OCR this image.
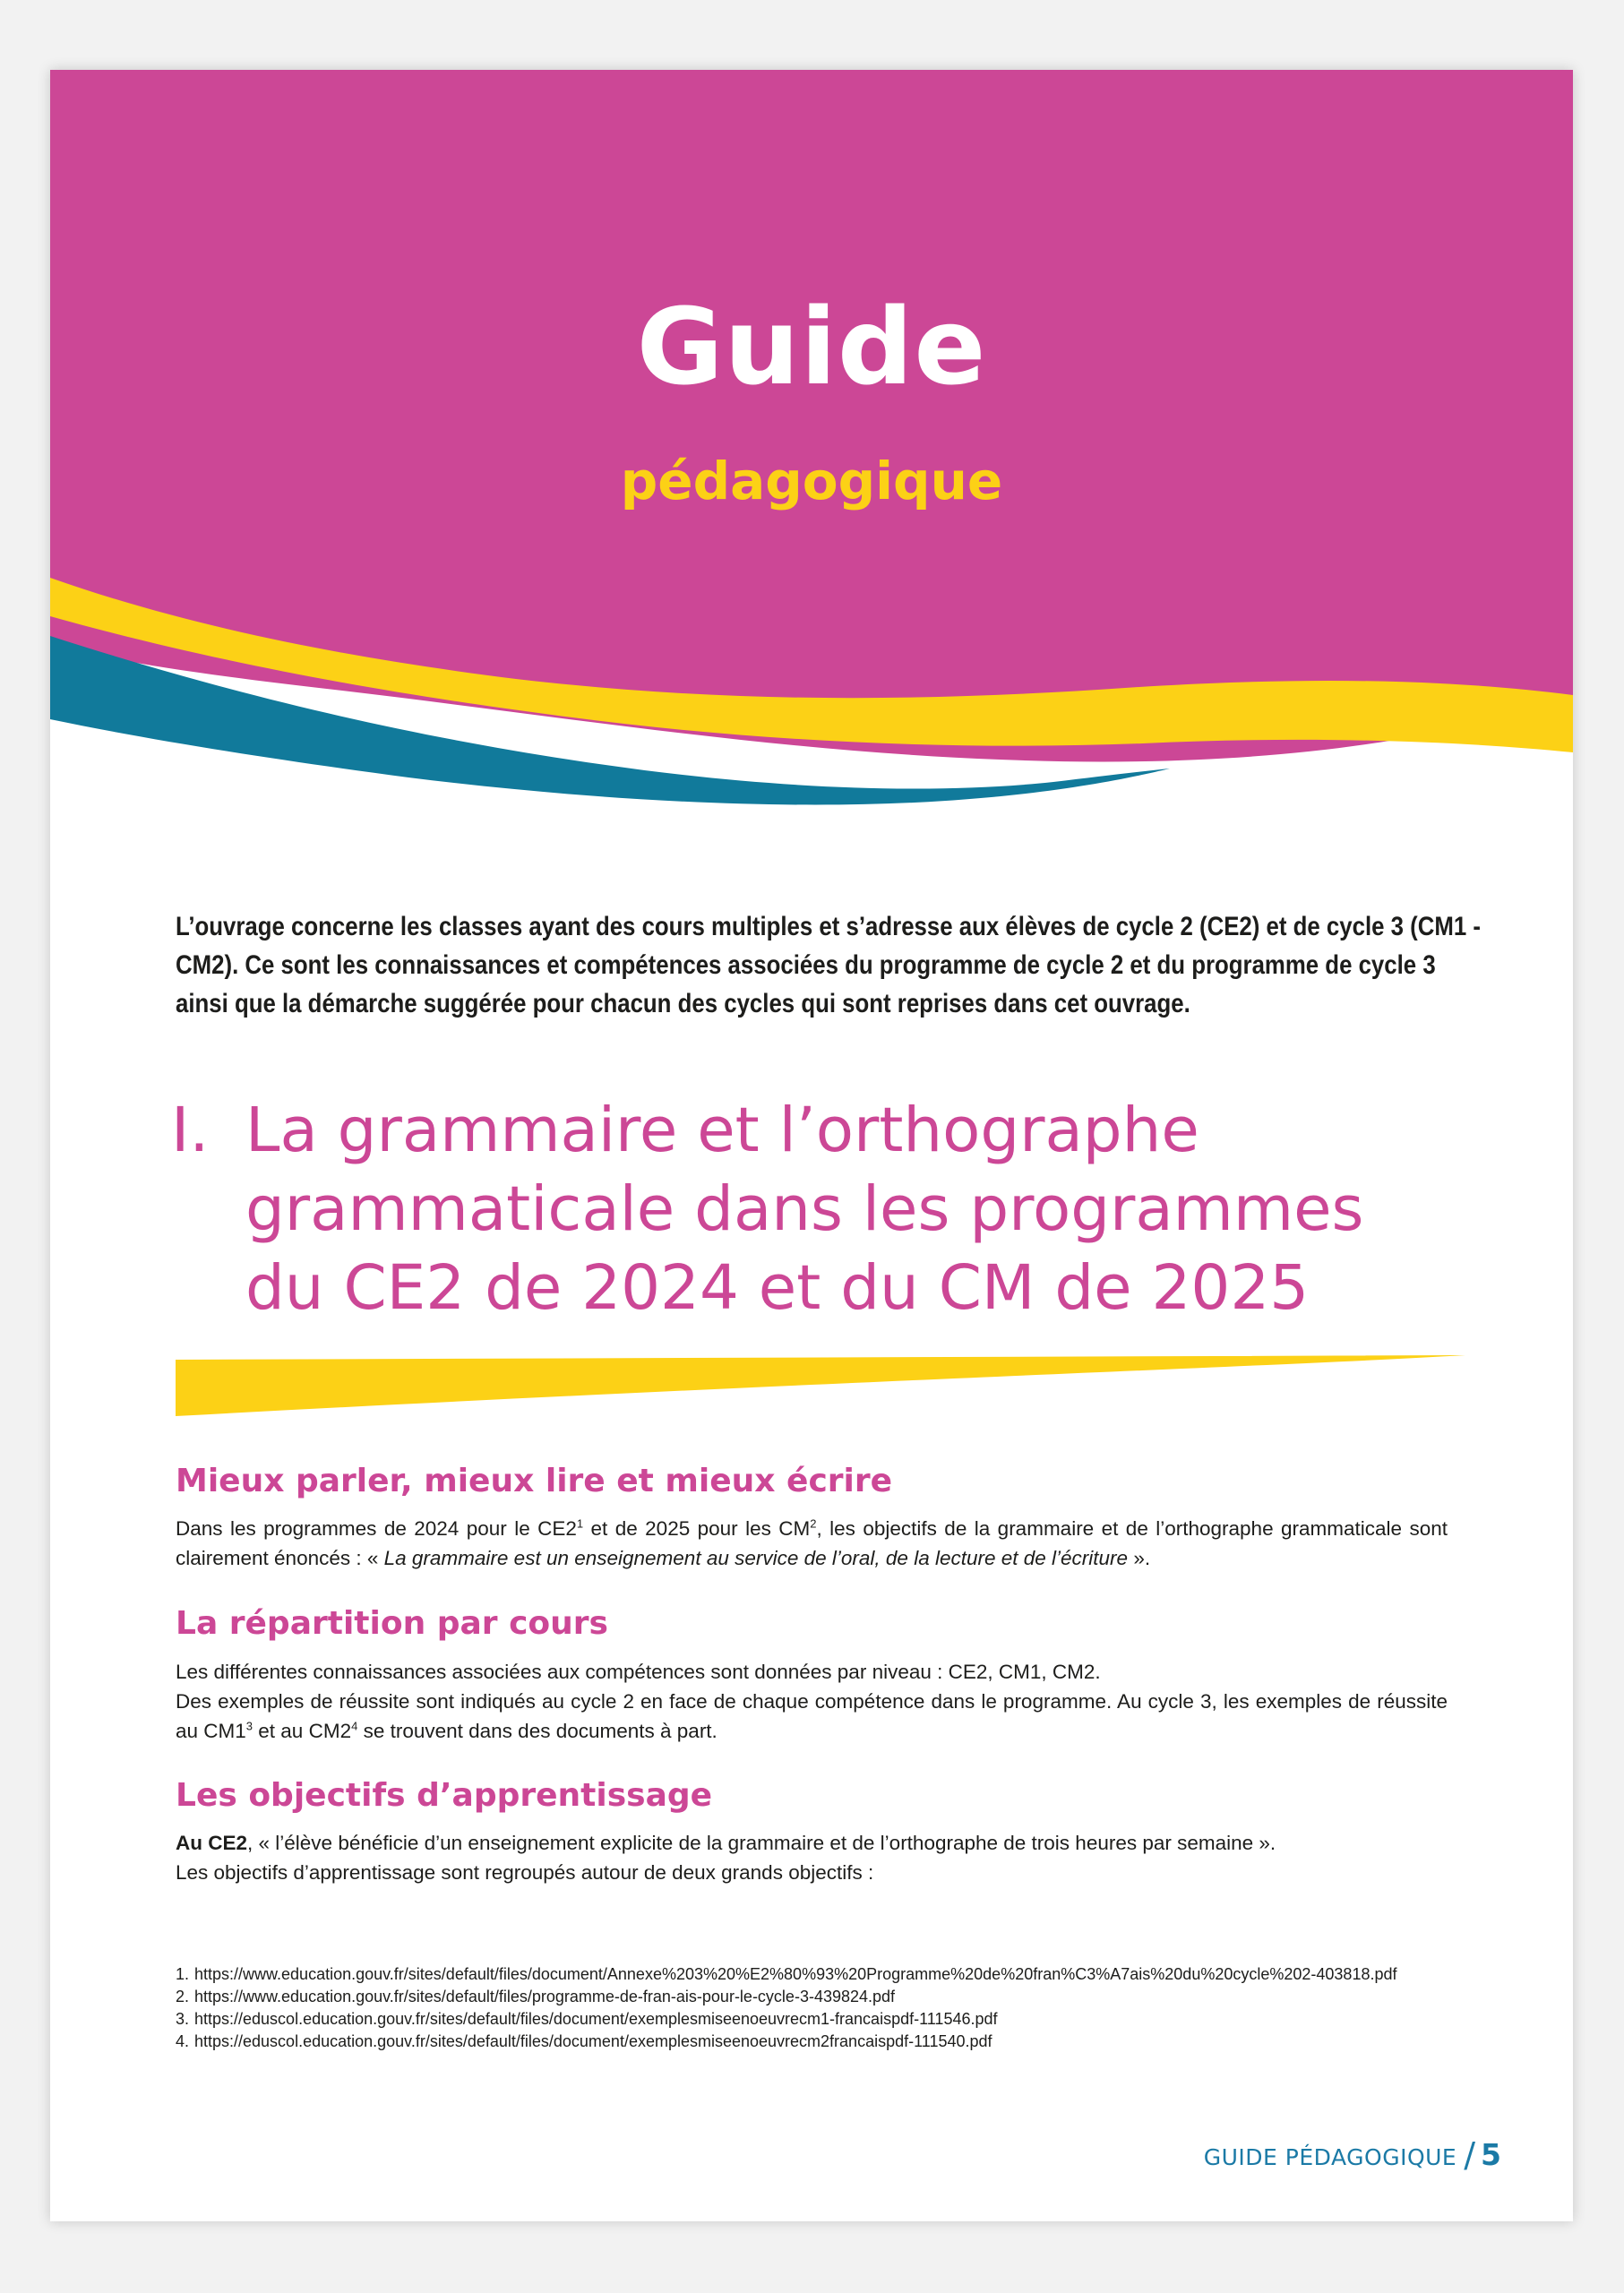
Guide
pédagogique

L’ouvrage concerne les classes ayant des cours multiples et s’adresse aux élèves de cycle 2 (CE2) et de cycle 3 (CM1 - CM2). Ce sont les connaissances et compétences associées du programme de cycle 2 et du programme de cycle 3 ainsi que la démarche suggérée pour chacun des cycles qui sont reprises dans cet ouvrage.

I. La grammaire et l’orthographe
grammaticale dans les programmes
du CE2 de 2024 et du CM de 2025
Mieux parler, mieux lire et mieux écrire

Dans les programmes de 2024 pour le $CE2^1$ et de 2025 pour les $CM^2$, les objectifs de la grammaire et de l’orthographe grammaticale sont clairement énoncés : « La grammaire est un enseignement au service de l’oral, de la lecture et de l’écriture ».

La répartition par cours

Les différentes connaissances associées aux compétences sont données par niveau : CE2, CM1, CM2.

Des exemples de réussite sont indiqués au cycle 2 en face de chaque compétence dans le programme. Au cycle 3, les exemples de réussite au $CM1^3$ et au $CM2^4$ se trouvent dans des documents à part.

Les objectifs d’apprentissage

Au CE2, « l’élève bénéficie d’un enseignement explicite de la grammaire et de l’orthographe de trois heures par semaine ».

Les objectifs d’apprentissage sont regroupés autour de deux grands objectifs :

1. https://www.education.gouv.fr/sites/default/files/document/Annexe%203%20%E2%80%93%20Programme%20de%20fran%C3%A7ais%20du%20cycle%202-403818.pdf
2. https://www.education.gouv.fr/sites/default/files/programme-de-fran-ais-pour-le-cycle-3-439824.pdf
3. https://eduscol.education.gouv.fr/sites/default/files/document/exemplesmiseenoeuvrecm1-francaispdf-111546.pdf
4. https://eduscol.education.gouv.fr/sites/default/files/document/exemplesmiseenoeuvrecm2francaispdf-111540.pdf
GUIDE PÉDAGOGIQUE / 5
